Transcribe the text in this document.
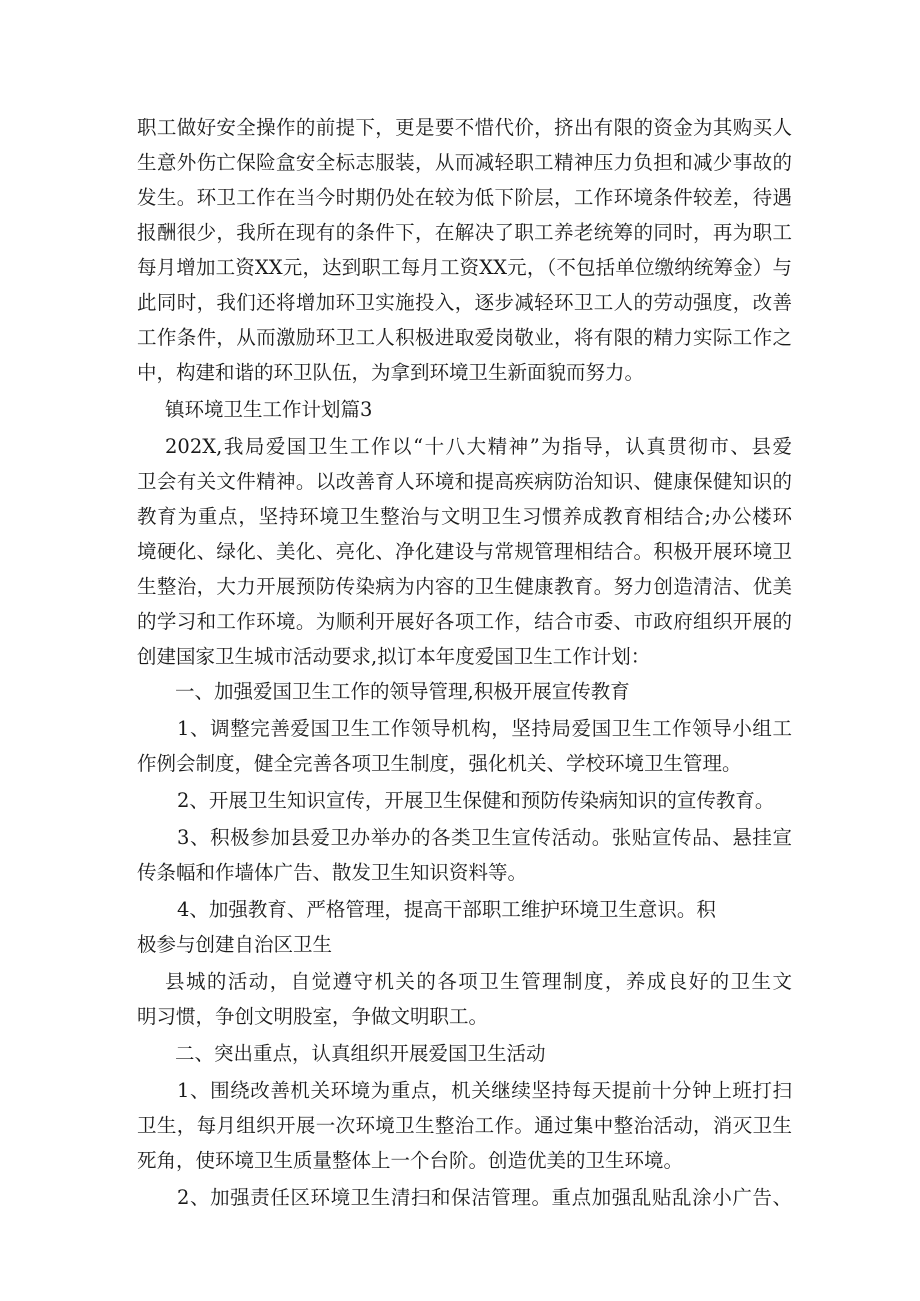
职工做好安全操作的前提下，更是要不惜代价，挤出有限的资金为其购买人
生意外伤亡保险盒安全标志服装，从而减轻职工精神压力负担和减少事故的
发生。环卫工作在当今时期仍处在较为低下阶层，工作环境条件较差，待遇
报酬很少，我所在现有的条件下，在解决了职工养老统筹的同时，再为职工
每月增加工资XX元，达到职工每月工资XX元，（不包括单位缴纳统筹金）与
此同时，我们还将增加环卫实施投入，逐步减轻环卫工人的劳动强度，改善
工作条件，从而激励环卫工人积极进取爱岗敬业，将有限的精力实际工作之
中，构建和谐的环卫队伍，为拿到环境卫生新面貌而努力。
镇环境卫生工作计划篇3
202X,我局爱国卫生工作以“十八大精神”为指导，认真贯彻市、县爱
卫会有关文件精神。以改善育人环境和提高疾病防治知识、健康保健知识的
教育为重点，坚持环境卫生整治与文明卫生习惯养成教育相结合;办公楼环
境硬化、绿化、美化、亮化、净化建设与常规管理相结合。积极开展环境卫
生整治，大力开展预防传染病为内容的卫生健康教育。努力创造清洁、优美
的学习和工作环境。为顺利开展好各项工作，结合市委、市政府组织开展的
创建国家卫生城市活动要求,拟订本年度爱国卫生工作计划：
一、加强爱国卫生工作的领导管理,积极开展宣传教育
1、调整完善爱国卫生工作领导机构，坚持局爱国卫生工作领导小组工
作例会制度，健全完善各项卫生制度，强化机关、学校环境卫生管理。
2、开展卫生知识宣传，开展卫生保健和预防传染病知识的宣传教育。
3、积极参加县爱卫办举办的各类卫生宣传活动。张贴宣传品、悬挂宣
传条幅和作墙体广告、散发卫生知识资料等。
4、加强教育、严格管理，提高干部职工维护环境卫生意识。积
极参与创建自治区卫生
县城的活动，自觉遵守机关的各项卫生管理制度，养成良好的卫生文
明习惯，争创文明股室，争做文明职工。
二、突出重点，认真组织开展爱国卫生活动
1、围绕改善机关环境为重点，机关继续坚持每天提前十分钟上班打扫
卫生，每月组织开展一次环境卫生整治工作。通过集中整治活动，消灭卫生
死角，使环境卫生质量整体上一个台阶。创造优美的卫生环境。
2、加强责任区环境卫生清扫和保洁管理。重点加强乱贴乱涂小广告、
